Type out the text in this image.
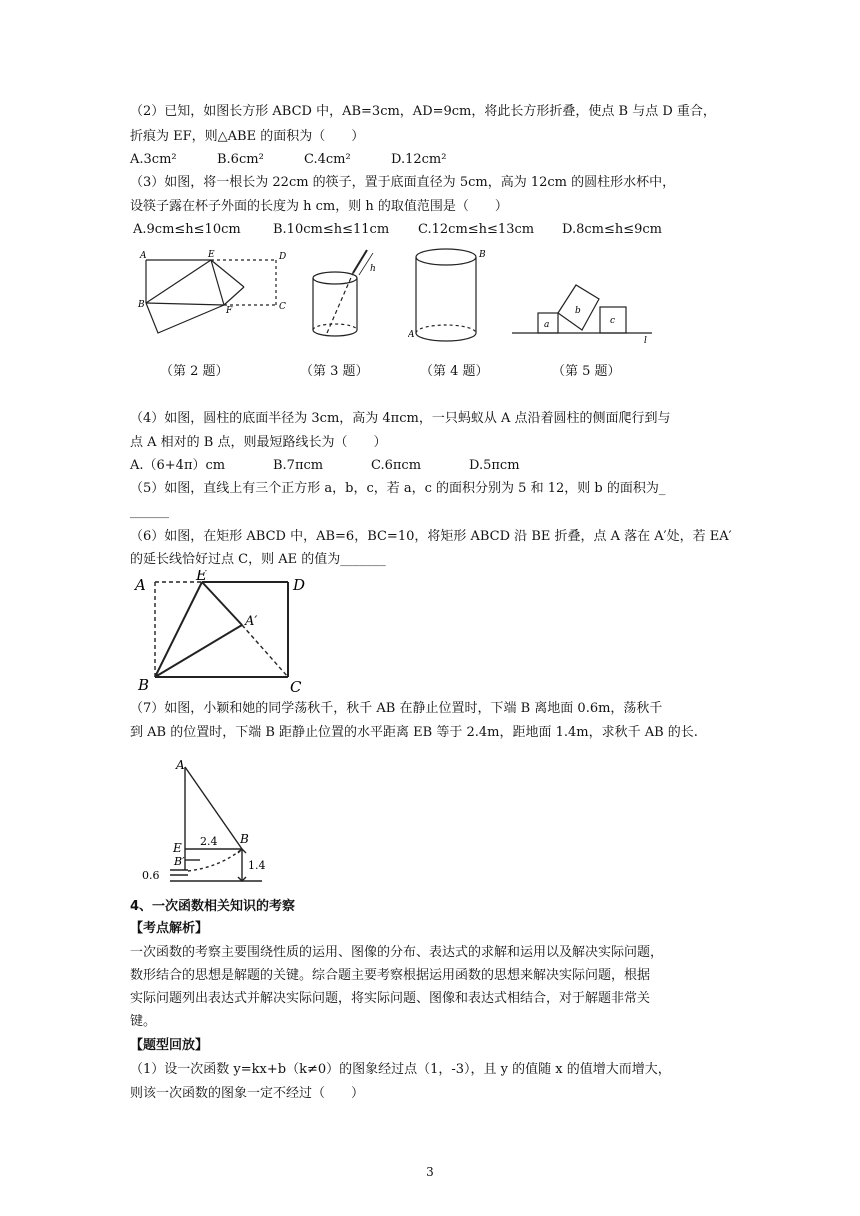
（2）已知，如图长方形 ABCD 中，AB=3cm，AD=9cm，将此长方形折叠，使点 B 与点 D 重合，
折痕为 EF，则△ABE 的面积为（　　）
A.3cm²	B.6cm²	C.4cm²	D.12cm²
（3）如图，将一根长为 22cm 的筷子，置于底面直径为 5cm，高为 12cm 的圆柱形水杯中，
设筷子露在杯子外面的长度为 h cm，则 h 的取值范围是（　　）
A.9cm≤h≤10cm B.10cm≤h≤11cm C.12cm≤h≤13cm D.8cm≤h≤9cm
A	E	D
B
F	C
h
B
A
a
b
c
l
（第 2 题）	（第 3 题）	（第 4 题）	（第 5 题）
（4）如图，圆柱的底面半径为 3cm，高为 4πcm，一只蚂蚁从 A 点沿着圆柱的侧面爬行到与
点 A 相对的 B 点，则最短路线长为（　　）
A.（6+4π）cm	B.7πcm	C.6πcm	D.5πcm
（5）如图，直线上有三个正方形 a，b，c，若 a，c 的面积分别为 5 和 12，则 b 的面积为_
______
（6）如图，在矩形 ABCD 中，AB=6，BC=10，将矩形 ABCD 沿 BE 折叠，点 A 落在 A′处，若 EA′
的延长线恰好过点 C，则 AE 的值为_______
A
E
D
A′
B	C
（7）如图，小颖和她的同学荡秋千，秋千 AB 在静止位置时，下端 B 离地面 0.6m，荡秋千
到 AB 的位置时，下端 B 距静止位置的水平距离 EB 等于 2.4m，距地面 1.4m，求秋千 AB 的长.
A
E
B
B′
2.4
1.4
0.6
4、一次函数相关知识的考察
【考点解析】
一次函数的考察主要围绕性质的运用、图像的分布、表达式的求解和运用以及解决实际问题，
数形结合的思想是解题的关键。综合题主要考察根据运用函数的思想来解决实际问题，根据
实际问题列出表达式并解决实际问题，将实际问题、图像和表达式相结合，对于解题非常关
键。
【题型回放】
（1）设一次函数 y=kx+b（k≠0）的图象经过点（1，-3），且 y 的值随 x 的值增大而增大，
则该一次函数的图象一定不经过（　　）
3
